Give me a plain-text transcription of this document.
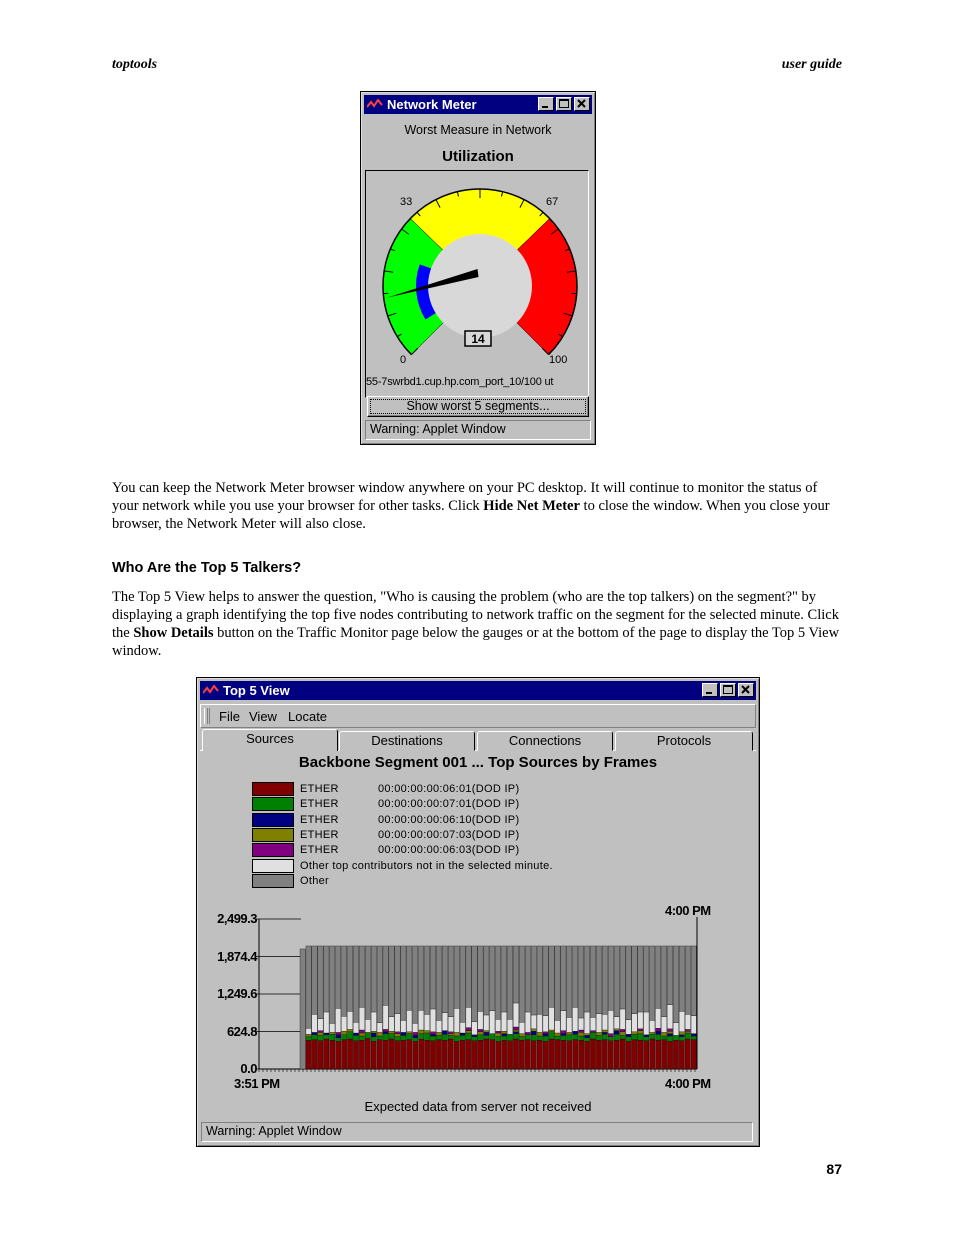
toptools	user guide
Network Meter
Worst Measure in Network
Utilization
33	67
0	100
14
55-7swrbd1.cup.hp.com_port_10/100 ut
Show worst 5 segments...
Warning: Applet Window

You can keep the Network Meter browser window anywhere on your PC desktop. It will continue to monitor the status of your network while you use your browser for other tasks. Click Hide Net Meter to close the window. When you close your browser, the Network Meter will also close.

Who Are the Top 5 Talkers?

The Top 5 View helps to answer the question, "Who is causing the problem (who are the top talkers) on the segment?" by displaying a graph identifying the top five nodes contributing to network traffic on the segment for the selected minute. Click the Show Details button on the Traffic Monitor page below the gauges or at the bottom of the page to display the Top 5 View window.

Top 5 View
File View Locate
Sources	Destinations	Connections	Protocols
Backbone Segment 001 ... Top Sources by Frames
ETHER	00:00:00:00:06:01(DOD IP)
ETHER	00:00:00:00:07:01(DOD IP)
ETHER	00:00:00:00:06:10(DOD IP)
ETHER	00:00:00:00:07:03(DOD IP)
ETHER	00:00:00:00:06:03(DOD IP)
Other top contributors not in the selected minute.
Other
4:00 PM
2,499.3
1,874.4
1,249.6
624.8
0.0
3:51 PM	4:00 PM
Expected data from server not received
Warning: Applet Window
87
